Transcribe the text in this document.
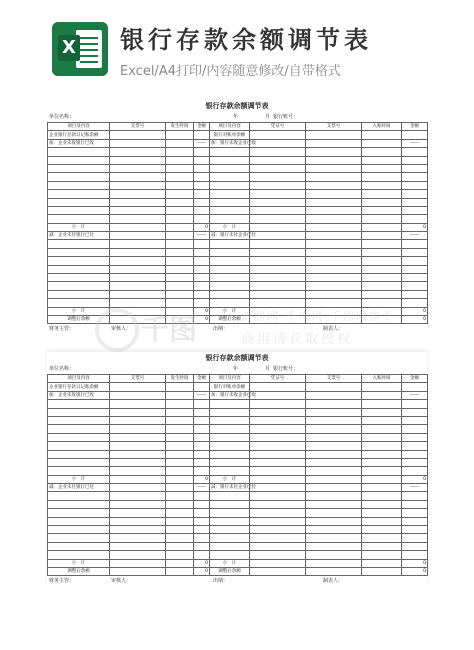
X 银行存款余额调节表
Excel/A4打印/内容随意修改/自带格式
银行存款余额调节表
单位名称：	年	月 银行账号：
项目及内容	支票号	发生时间	金额	项目及内容	凭证号	支票号	入账时间	金额
企业银行存款日记账余额				银行对账单余额				
加：企业未收银行已收			——	加：银行未收企业已收				——

小　计			0	小　计				0
减：企业未付银行已付			——	减：银行未付企业已付				——

小　计			0	小　计				0
调整后余额			0	调整后余额				0
财务主管：	审核人：	出纳：	制表人：
银行存款余额调节表
单位名称：	年	月 银行账号：
项目及内容	支票号	发生时间	金额	项目及内容	凭证号	支票号	入账时间	金额
企业银行存款日记账余额				银行对账单余额				
加：企业未收银行已收			——	加：银行未收企业已收				——

小　计			0	小　计				0
减：企业未付银行已付			——	减：银行未付企业已付				——

小　计			0	小　计				0
调整后余额			0	调整后余额				0
财务主管：	审核人：	出纳：	制表人：
千图	新图网·千库网·千图网旗下
商用请获取授权
